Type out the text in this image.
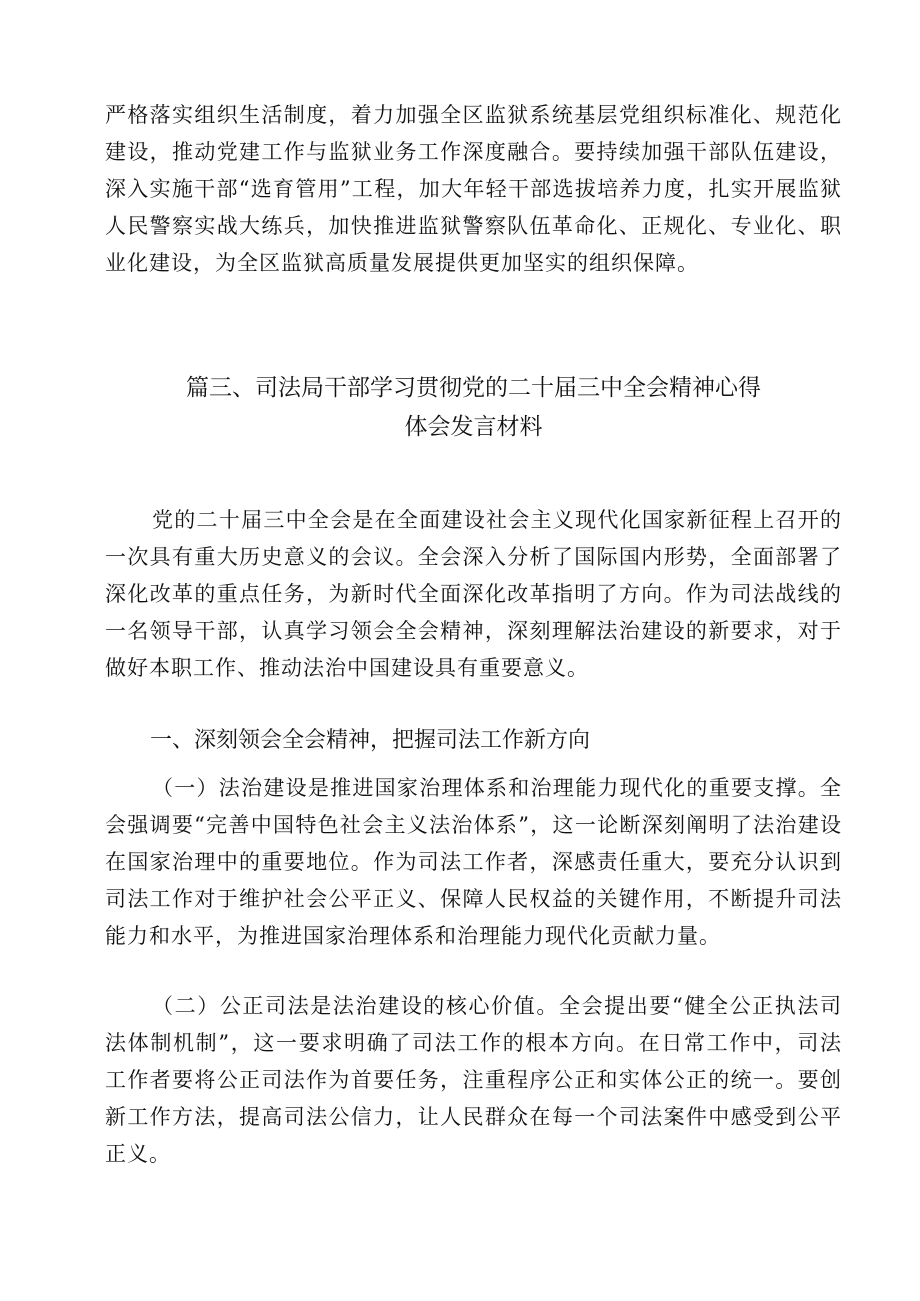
严格落实组织生活制度，着力加强全区监狱系统基层党组织标准化、规范化建设，推动党建工作与监狱业务工作深度融合。要持续加强干部队伍建设，深入实施干部“选育管用”工程，加大年轻干部选拔培养力度，扎实开展监狱人民警察实战大练兵，加快推进监狱警察队伍革命化、正规化、专业化、职业化建设，为全区监狱高质量发展提供更加坚实的组织保障。

篇三、司法局干部学习贯彻党的二十届三中全会精神心得
体会发言材料

党的二十届三中全会是在全面建设社会主义现代化国家新征程上召开的一次具有重大历史意义的会议。全会深入分析了国际国内形势，全面部署了深化改革的重点任务，为新时代全面深化改革指明了方向。作为司法战线的一名领导干部，认真学习领会全会精神，深刻理解法治建设的新要求，对于做好本职工作、推动法治中国建设具有重要意义。

一、深刻领会全会精神，把握司法工作新方向

（一）法治建设是推进国家治理体系和治理能力现代化的重要支撑。全会强调要“完善中国特色社会主义法治体系”，这一论断深刻阐明了法治建设在国家治理中的重要地位。作为司法工作者，深感责任重大，要充分认识到司法工作对于维护社会公平正义、保障人民权益的关键作用，不断提升司法能力和水平，为推进国家治理体系和治理能力现代化贡献力量。

（二）公正司法是法治建设的核心价值。全会提出要“健全公正执法司法体制机制”，这一要求明确了司法工作的根本方向。在日常工作中，司法工作者要将公正司法作为首要任务，注重程序公正和实体公正的统一。要创新工作方法，提高司法公信力，让人民群众在每一个司法案件中感受到公平正义。
